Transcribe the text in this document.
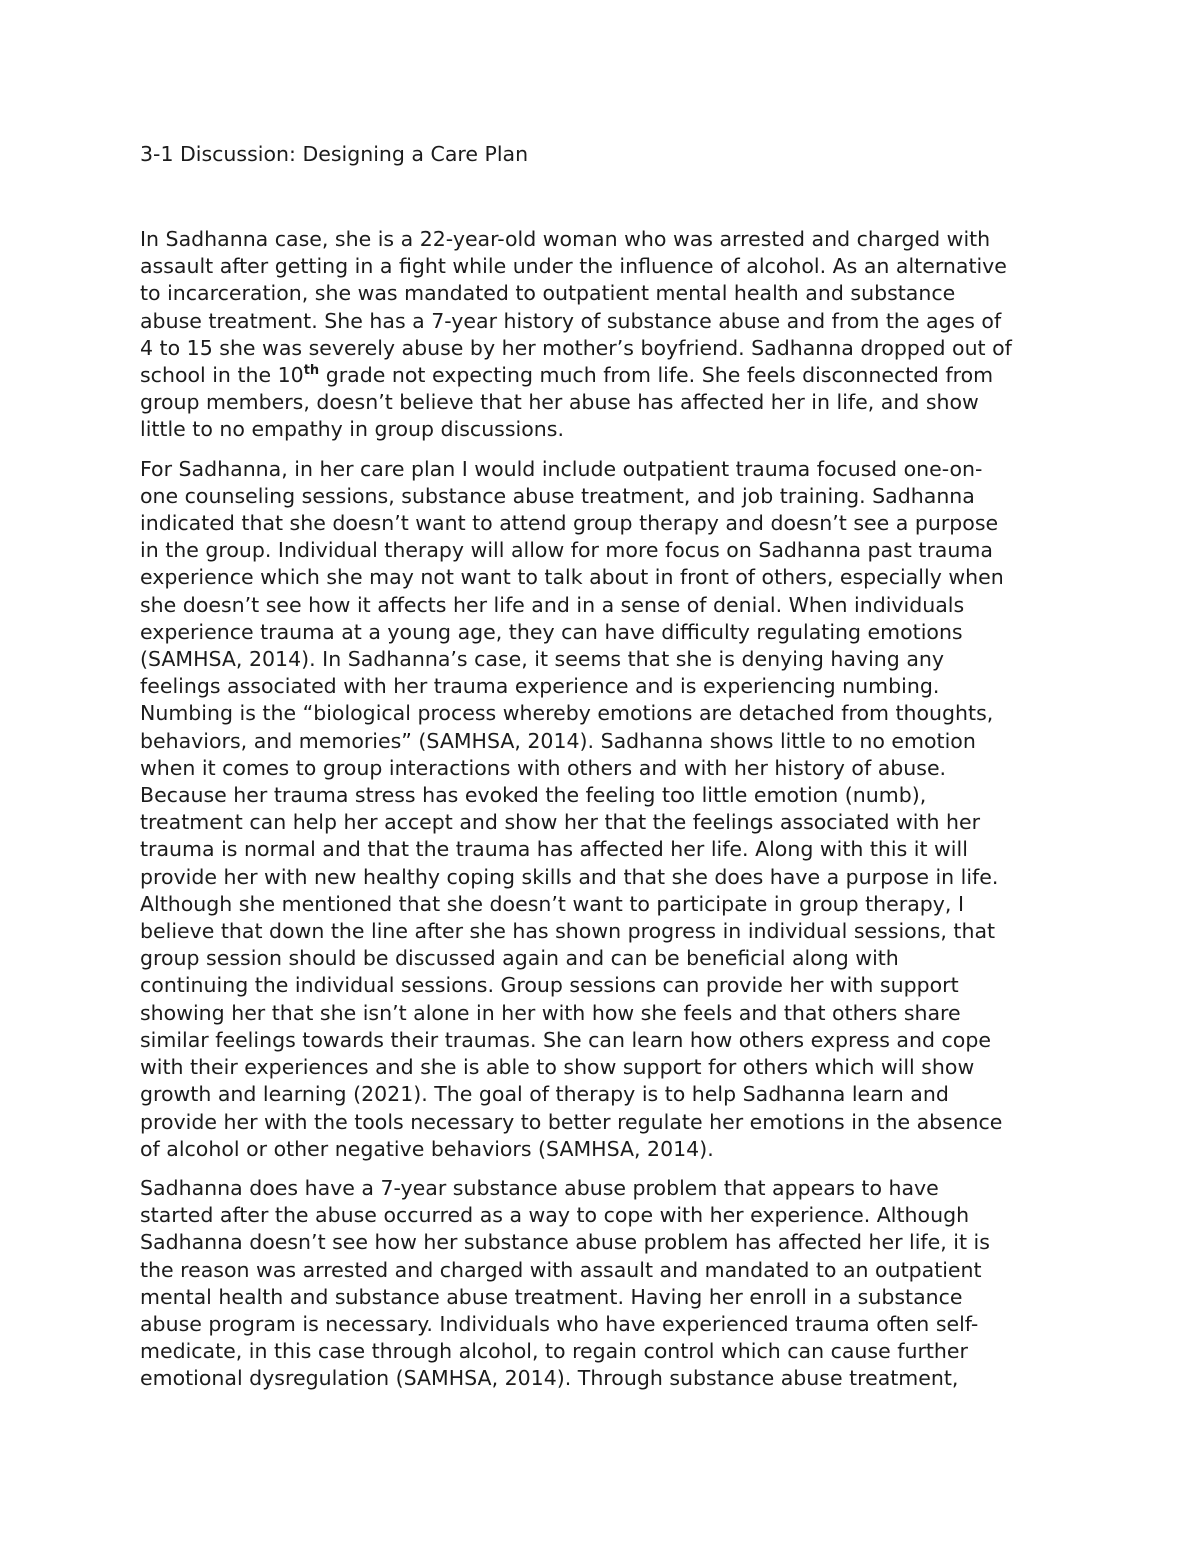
3-1 Discussion: Designing a Care Plan

In Sadhanna case, she is a 22-year-old woman who was arrested and charged with
assault after getting in a fight while under the influence of alcohol. As an alternative
to incarceration, she was mandated to outpatient mental health and substance
abuse treatment. She has a 7-year history of substance abuse and from the ages of
4 to 15 she was severely abuse by her mother’s boyfriend. Sadhanna dropped out of
school in the 10th grade not expecting much from life. She feels disconnected from
group members, doesn’t believe that her abuse has affected her in life, and show
little to no empathy in group discussions.

For Sadhanna, in her care plan I would include outpatient trauma focused one-on-
one counseling sessions, substance abuse treatment, and job training. Sadhanna
indicated that she doesn’t want to attend group therapy and doesn’t see a purpose
in the group. Individual therapy will allow for more focus on Sadhanna past trauma
experience which she may not want to talk about in front of others, especially when
she doesn’t see how it affects her life and in a sense of denial. When individuals
experience trauma at a young age, they can have difficulty regulating emotions
(SAMHSA, 2014). In Sadhanna’s case, it seems that she is denying having any
feelings associated with her trauma experience and is experiencing numbing.
Numbing is the “biological process whereby emotions are detached from thoughts,
behaviors, and memories” (SAMHSA, 2014). Sadhanna shows little to no emotion
when it comes to group interactions with others and with her history of abuse.
Because her trauma stress has evoked the feeling too little emotion (numb),
treatment can help her accept and show her that the feelings associated with her
trauma is normal and that the trauma has affected her life. Along with this it will
provide her with new healthy coping skills and that she does have a purpose in life.
Although she mentioned that she doesn’t want to participate in group therapy, I
believe that down the line after she has shown progress in individual sessions, that
group session should be discussed again and can be beneficial along with
continuing the individual sessions. Group sessions can provide her with support
showing her that she isn’t alone in her with how she feels and that others share
similar feelings towards their traumas. She can learn how others express and cope
with their experiences and she is able to show support for others which will show
growth and learning (2021). The goal of therapy is to help Sadhanna learn and
provide her with the tools necessary to better regulate her emotions in the absence
of alcohol or other negative behaviors (SAMHSA, 2014).

Sadhanna does have a 7-year substance abuse problem that appears to have
started after the abuse occurred as a way to cope with her experience. Although
Sadhanna doesn’t see how her substance abuse problem has affected her life, it is
the reason was arrested and charged with assault and mandated to an outpatient
mental health and substance abuse treatment. Having her enroll in a substance
abuse program is necessary. Individuals who have experienced trauma often self-
medicate, in this case through alcohol, to regain control which can cause further
emotional dysregulation (SAMHSA, 2014). Through substance abuse treatment,
